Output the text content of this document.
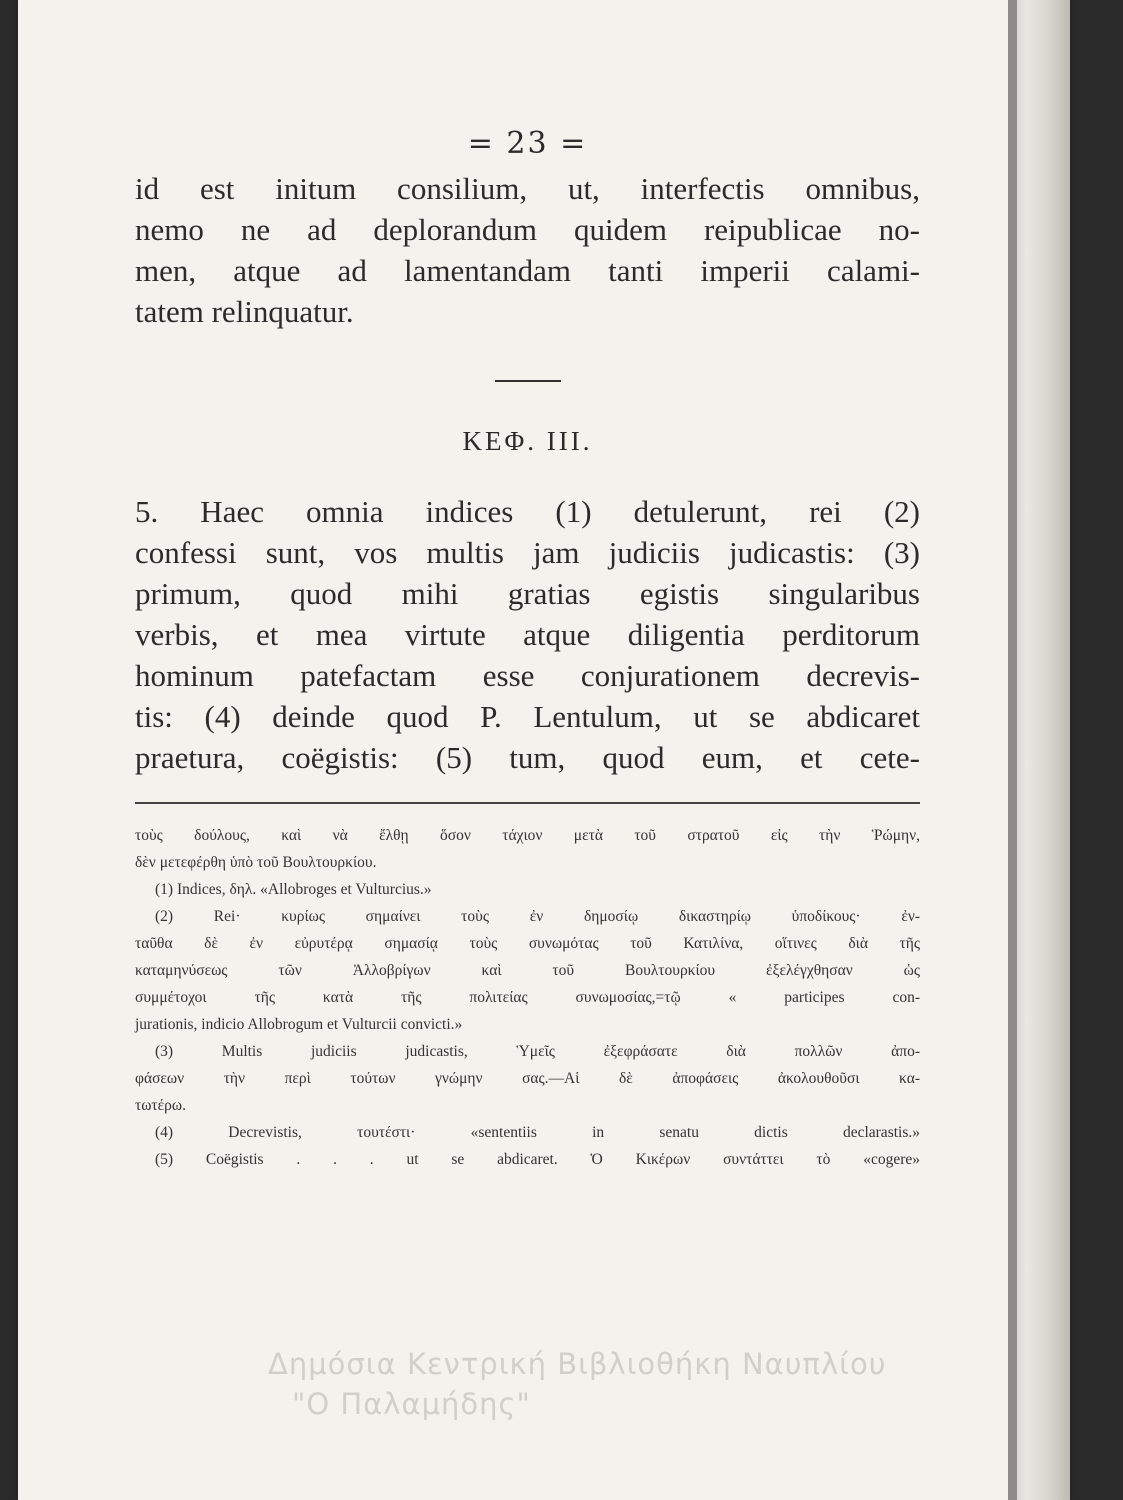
= 23 =
id est initum consilium, ut, interfectis omnibus,
nemo ne ad deplorandum quidem reipublicae no-
men, atque ad lamentandam tanti imperii calami-
tatem relinquatur.
ΚΕΦ. III.
5. Haec omnia indices (1) detulerunt, rei (2)
confessi sunt, vos multis jam judiciis judicastis: (3)
primum, quod mihi gratias egistis singularibus
verbis, et mea virtute atque diligentia perditorum
hominum patefactam esse conjurationem decrevis-
tis: (4) deinde quod P. Lentulum, ut se abdicaret
praetura, coëgistis: (5) tum, quod eum, et cete-
τοὺς δούλους, καὶ νὰ ἔλθῃ ὅσον τάχιον μετὰ τοῦ στρατοῦ εἰς τὴν Ῥώμην,
δὲν μετεφέρθη ὑπὸ τοῦ Βουλτουρκίου.
(1) Indices, δηλ. «Allobroges et Vulturcius.»
(2) Rei· κυρίως σημαίνει τοὺς ἐν δημοσίῳ δικαστηρίῳ ὑποδίκους· ἐν-
ταῦθα δὲ ἐν εὐρυτέρᾳ σημασίᾳ τοὺς συνωμότας τοῦ Κατιλίνα, οἵτινες διὰ τῆς
καταμηνύσεως τῶν Ἀλλοβρίγων καὶ τοῦ Βουλτουρκίου ἐξελέγχθησαν ὡς
συμμέτοχοι τῆς κατὰ τῆς πολιτείας συνωμοσίας,=τῷ « participes con-
jurationis, indicio Allobrogum et Vulturcii convicti.»
(3) Multis judiciis judicastis, Ὑμεῖς ἐξεφράσατε διὰ πολλῶν ἀπο-
φάσεων τὴν περὶ τούτων γνώμην σας.—Αἱ δὲ ἀποφάσεις ἀκολουθοῦσι κα-
τωτέρω.
(4) Decrevistis, τουτέστι· «sententiis in senatu dictis declarastis.»
(5) Coëgistis . . . ut se abdicaret. Ὁ Κικέρων συντάττει τὸ «cogere»
Δημόσια Κεντρική Βιβλιοθήκη Ναυπλίου
"Ο Παλαμήδης"
